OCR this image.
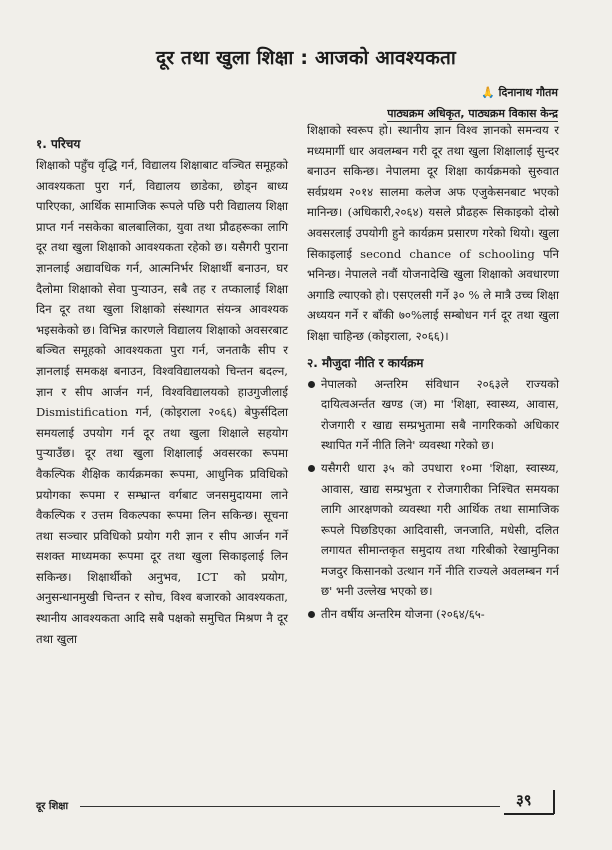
दूर तथा खुला शिक्षा : आजको आवश्यकता
🙏 दिनानाथ गौतम
पाठ्यक्रम अधिकृत, पाठ्यक्रम विकास केन्द्र
१. परिचय

शिक्षाको पहुँच वृद्धि गर्न, विद्यालय शिक्षाबाट वञ्चित समूहको आवश्यकता पुरा गर्न, विद्यालय छाडेका, छोड्न बाध्य पारिएका, आर्थिक सामाजिक रूपले पछि परी विद्यालय शिक्षा प्राप्त गर्न नसकेका बालबालिका, युवा तथा प्रौढहरूका लागि दूर तथा खुला शिक्षाको आवश्यकता रहेको छ। यसैगरी पुराना ज्ञानलाई अद्यावधिक गर्न, आत्मनिर्भर शिक्षार्थी बनाउन, घर दैलोमा शिक्षाको सेवा पुऱ्याउन, सबै तह र तप्कालाई शिक्षा दिन दूर तथा खुला शिक्षाको संस्थागत संयन्त्र आवश्यक भइसकेको छ। विभिन्न कारणले विद्यालय शिक्षाको अवसरबाट बञ्चित समूहको आवश्यकता पुरा गर्न, जनताकै सीप र ज्ञानलाई समकक्ष बनाउन, विश्वविद्यालयको चिन्तन बदल्न, ज्ञान र सीप आर्जन गर्न, विश्वविद्यालयको हाउगुजीलाई Dismistification गर्न, (कोइराला २०६६) बेफुर्सदिला समयलाई उपयोग गर्न दूर तथा खुला शिक्षाले सहयोग पुऱ्याउँछ। दूर तथा खुला शिक्षालाई अवसरका रूपमा वैकल्पिक शैक्षिक कार्यक्रमका रूपमा, आधुनिक प्रविधिको प्रयोगका रूपमा र सम्भ्रान्त वर्गबाट जनसमुदायमा लाने वैकल्पिक र उत्तम विकल्पका रूपमा लिन सकिन्छ। सूचना तथा सञ्चार प्रविधिको प्रयोग गरी ज्ञान र सीप आर्जन गर्ने सशक्त माध्यमका रूपमा दूर तथा खुला सिकाइलाई लिन सकिन्छ। शिक्षार्थीको अनुभव, ICT को प्रयोग, अनुसन्धानमुखी चिन्तन र सोच, विश्व बजारको आवश्यकता, स्थानीय आवश्यकता आदि सबै पक्षको समुचित मिश्रण नै दूर तथा खुला

शिक्षाको स्वरूप हो। स्थानीय ज्ञान विश्व ज्ञानको समन्वय र मध्यमार्गी धार अवलम्बन गरी दूर तथा खुला शिक्षालाई सुन्दर बनाउन सकिन्छ। नेपालमा दूर शिक्षा कार्यक्रमको सुरुवात सर्वप्रथम २०१४ सालमा कलेज अफ एजुकेसनबाट भएको मानिन्छ। (अधिकारी,२०६४) यसले प्रौढहरू सिकाइको दोस्रो अवसरलाई उपयोगी हुने कार्यक्रम प्रसारण गरेको थियो। खुला सिकाइलाई second chance of schooling पनि भनिन्छ। नेपालले नवौं योजनादेखि खुला शिक्षाको अवधारणा अगाडि ल्याएको हो। एसएलसी गर्ने ३० % ले मात्रै उच्च शिक्षा अध्ययन गर्ने र बाँकी ७०%लाई सम्बोधन गर्न दूर तथा खुला शिक्षा चाहिन्छ (कोइराला, २०६६)।

२. मौजुदा नीति र कार्यक्रम
नेपालको अन्तरिम संविधान २०६३ले राज्यको दायित्वअर्न्तत खण्ड (ज) मा 'शिक्षा, स्वास्थ्य, आवास, रोजगारी र खाद्य सम्प्रभुतामा सबै नागरिकको अधिकार स्थापित गर्ने नीति लिने' व्यवस्था गरेको छ।
यसैगरी धारा ३५ को उपधारा १०मा 'शिक्षा, स्वास्थ्य, आवास, खाद्य सम्प्रभुता र रोजगारीका निश्चित समयका लागि आरक्षणको व्यवस्था गरी आर्थिक तथा सामाजिक रूपले पिछडिएका आदिवासी, जनजाति, मधेसी, दलित लगायत सीमान्तकृत समुदाय तथा गरिबीको रेखामुनिका मजदुर किसानको उत्थान गर्ने नीति राज्यले अवलम्बन गर्न छ' भनी उल्लेख भएको छ।
तीन वर्षीय अन्तरिम योजना (२०६४/६५-
दूर शिक्षा	३९
